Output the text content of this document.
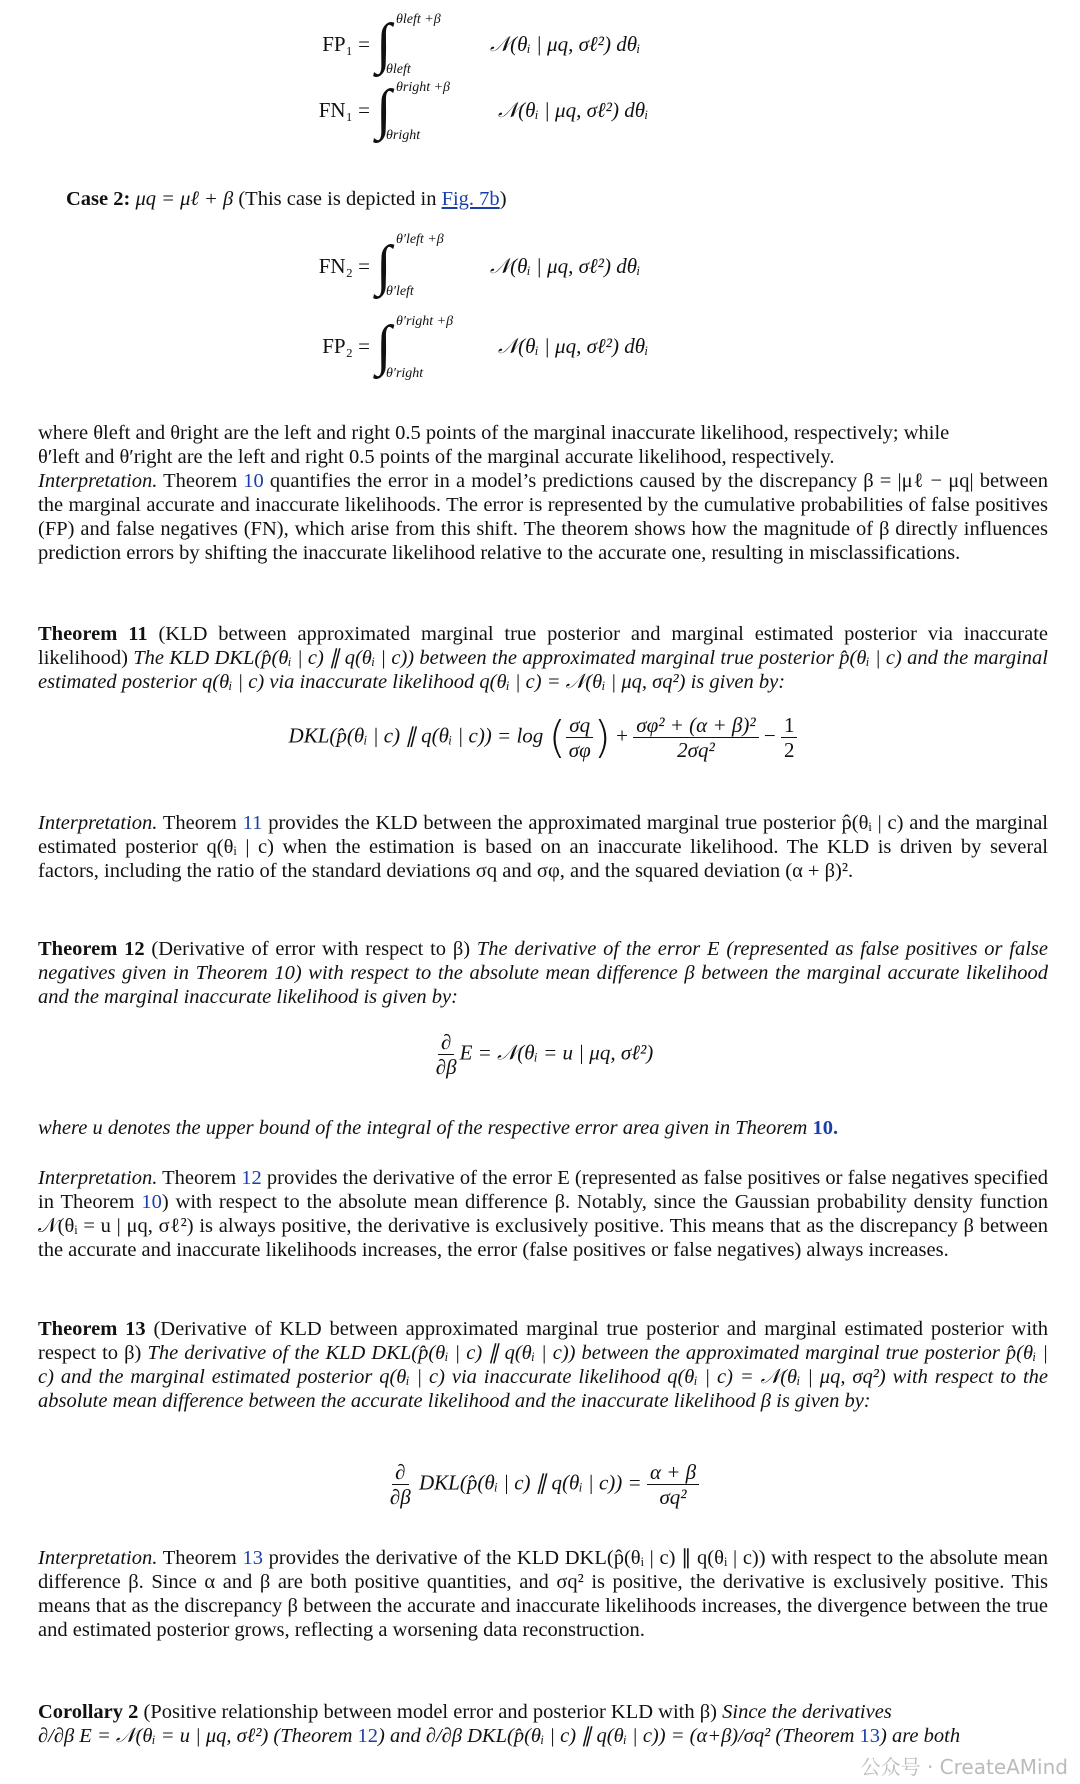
FP₁ = ∫ θleft +β
θleft
𝒩(θᵢ | μq, σℓ²) dθᵢ
FN₁ = ∫ θright +β
θright
𝒩(θᵢ | μq, σℓ²) dθᵢ
Case 2: μq = μℓ + β (This case is depicted in Fig. 7b)
FN₂ = ∫ θ′left +β
θ′left
𝒩(θᵢ | μq, σℓ²) dθᵢ
FP₂ = ∫ θ′right +β
θ′right
𝒩(θᵢ | μq, σℓ²) dθᵢ
where θleft and θright are the left and right 0.5 points of the marginal inaccurate likelihood, respectively; while
θ′left and θ′right are the left and right 0.5 points of the marginal accurate likelihood, respectively.
Interpretation. Theorem 10 quantifies the error in a model’s predictions caused by the discrepancy β = |μℓ − μq| between the marginal accurate and inaccurate likelihoods. The error is represented by the cumulative probabilities of false positives (FP) and false negatives (FN), which arise from this shift. The theorem shows how the magnitude of β directly influences prediction errors by shifting the inaccurate likelihood relative to the accurate one, resulting in misclassifications.
Theorem 11 (KLD between approximated marginal true posterior and marginal estimated posterior via inaccurate likelihood) The KLD DKL(p̂(θᵢ | c) ∥ q(θᵢ | c)) between the approximated marginal true posterior p̂(θᵢ | c) and the marginal estimated posterior q(θᵢ | c) via inaccurate likelihood q(θᵢ | c) = 𝒩(θᵢ | μq, σq²) is given by:
DKL(p̂(θᵢ | c) ∥ q(θᵢ | c)) = log ( $\frac{\sigma q}{\sigma\varphi}$ ) + $\frac{\text{σφ² + (α + β)²}}{\text{2σq²}} - \frac{1}{2}$
Interpretation. Theorem 11 provides the KLD between the approximated marginal true posterior p̂(θᵢ | c) and the marginal estimated posterior q(θᵢ | c) when the estimation is based on an inaccurate likelihood. The KLD is driven by several factors, including the ratio of the standard deviations σq and σφ, and the squared deviation (α + β)².
Theorem 12 (Derivative of error with respect to β) The derivative of the error E (represented as false positives or false negatives given in Theorem 10) with respect to the absolute mean difference β between the marginal accurate likelihood and the marginal inaccurate likelihood is given by:
$\frac{\partial}{\partial\beta}$ E = 𝒩(θᵢ = u | μq, σℓ²)
where u denotes the upper bound of the integral of the respective error area given in Theorem 10.
Interpretation. Theorem 12 provides the derivative of the error E (represented as false positives or false negatives specified in Theorem 10) with respect to the absolute mean difference β. Notably, since the Gaussian probability density function 𝒩(θᵢ = u | μq, σℓ²) is always positive, the derivative is exclusively positive. This means that as the discrepancy β between the accurate and inaccurate likelihoods increases, the error (false positives or false negatives) always increases.
Theorem 13 (Derivative of KLD between approximated marginal true posterior and marginal estimated posterior with respect to β) The derivative of the KLD DKL(p̂(θᵢ | c) ∥ q(θᵢ | c)) between the approximated marginal true posterior p̂(θᵢ | c) and the marginal estimated posterior q(θᵢ | c) via inaccurate likelihood q(θᵢ | c) = 𝒩(θᵢ | μq, σq²) with respect to the absolute mean difference between the accurate likelihood and the inaccurate likelihood β is given by:
$\frac{\partial}{\partial\beta}$ DKL(p̂(θᵢ | c) ∥ q(θᵢ | $c)) = \frac{\alpha + \beta}{\text{σq²}}$
Interpretation. Theorem 13 provides the derivative of the KLD DKL(p̂(θᵢ | c) ∥ q(θᵢ | c)) with respect to the absolute mean difference β. Since α and β are both positive quantities, and σq² is positive, the derivative is exclusively positive. This means that as the discrepancy β between the accurate and inaccurate likelihoods increases, the divergence between the true and estimated posterior grows, reflecting a worsening data reconstruction.
Corollary 2 (Positive relationship between model error and posterior KLD with β) Since the derivatives
∂/∂β E = 𝒩(θᵢ = u | μq, σℓ²) (Theorem 12) and ∂/∂β DKL(p̂(θᵢ | c) ∥ q(θᵢ | c)) = (α+β)/σq² (Theorem 13) are both
公众号 · CreateAMind
